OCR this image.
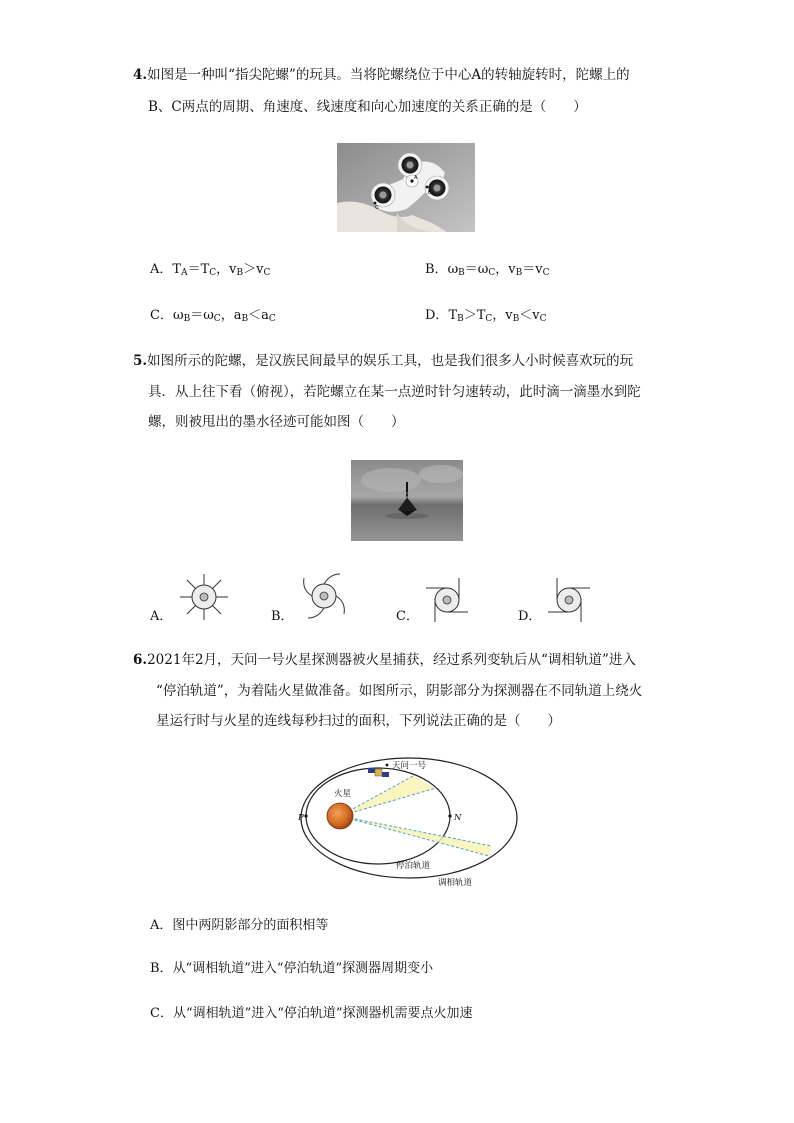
4.如图是一种叫“指尖陀螺”的玩具。当将陀螺绕位于中心A的转轴旋转时，陀螺上的
B、C两点的周期、角速度、线速度和向心加速度的关系正确的是（　　）
A
B
C
A．$T_A=T_C$，$v_B>v_C$	B．$\omega_B=\omega_C$，$v_B=v_C$
C．$\omega_B=\omega_C$，$a_B<a_C$	D．$T_B>T_C$，$v_B<v_C$
5.如图所示的陀螺，是汉族民间最早的娱乐工具，也是我们很多人小时候喜欢玩的玩
具．从上往下看（俯视），若陀螺立在某一点逆时针匀速转动，此时滴一滴墨水到陀
螺，则被甩出的墨水径迹可能如图（　　）
A．	B．	C．	D．
6.2021年2月，天问一号火星探测器被火星捕获，经过系列变轨后从“调相轨道”进入
“停泊轨道”，为着陆火星做准备。如图所示，阴影部分为探测器在不同轨道上绕火
星运行时与火星的连线每秒扫过的面积，下列说法正确的是（　　）
天问一号
火星
P	N
停泊轨道
调相轨道
A．图中两阴影部分的面积相等
B．从“调相轨道”进入“停泊轨道”探测器周期变小
C．从“调相轨道”进入“停泊轨道”探测器机需要点火加速
